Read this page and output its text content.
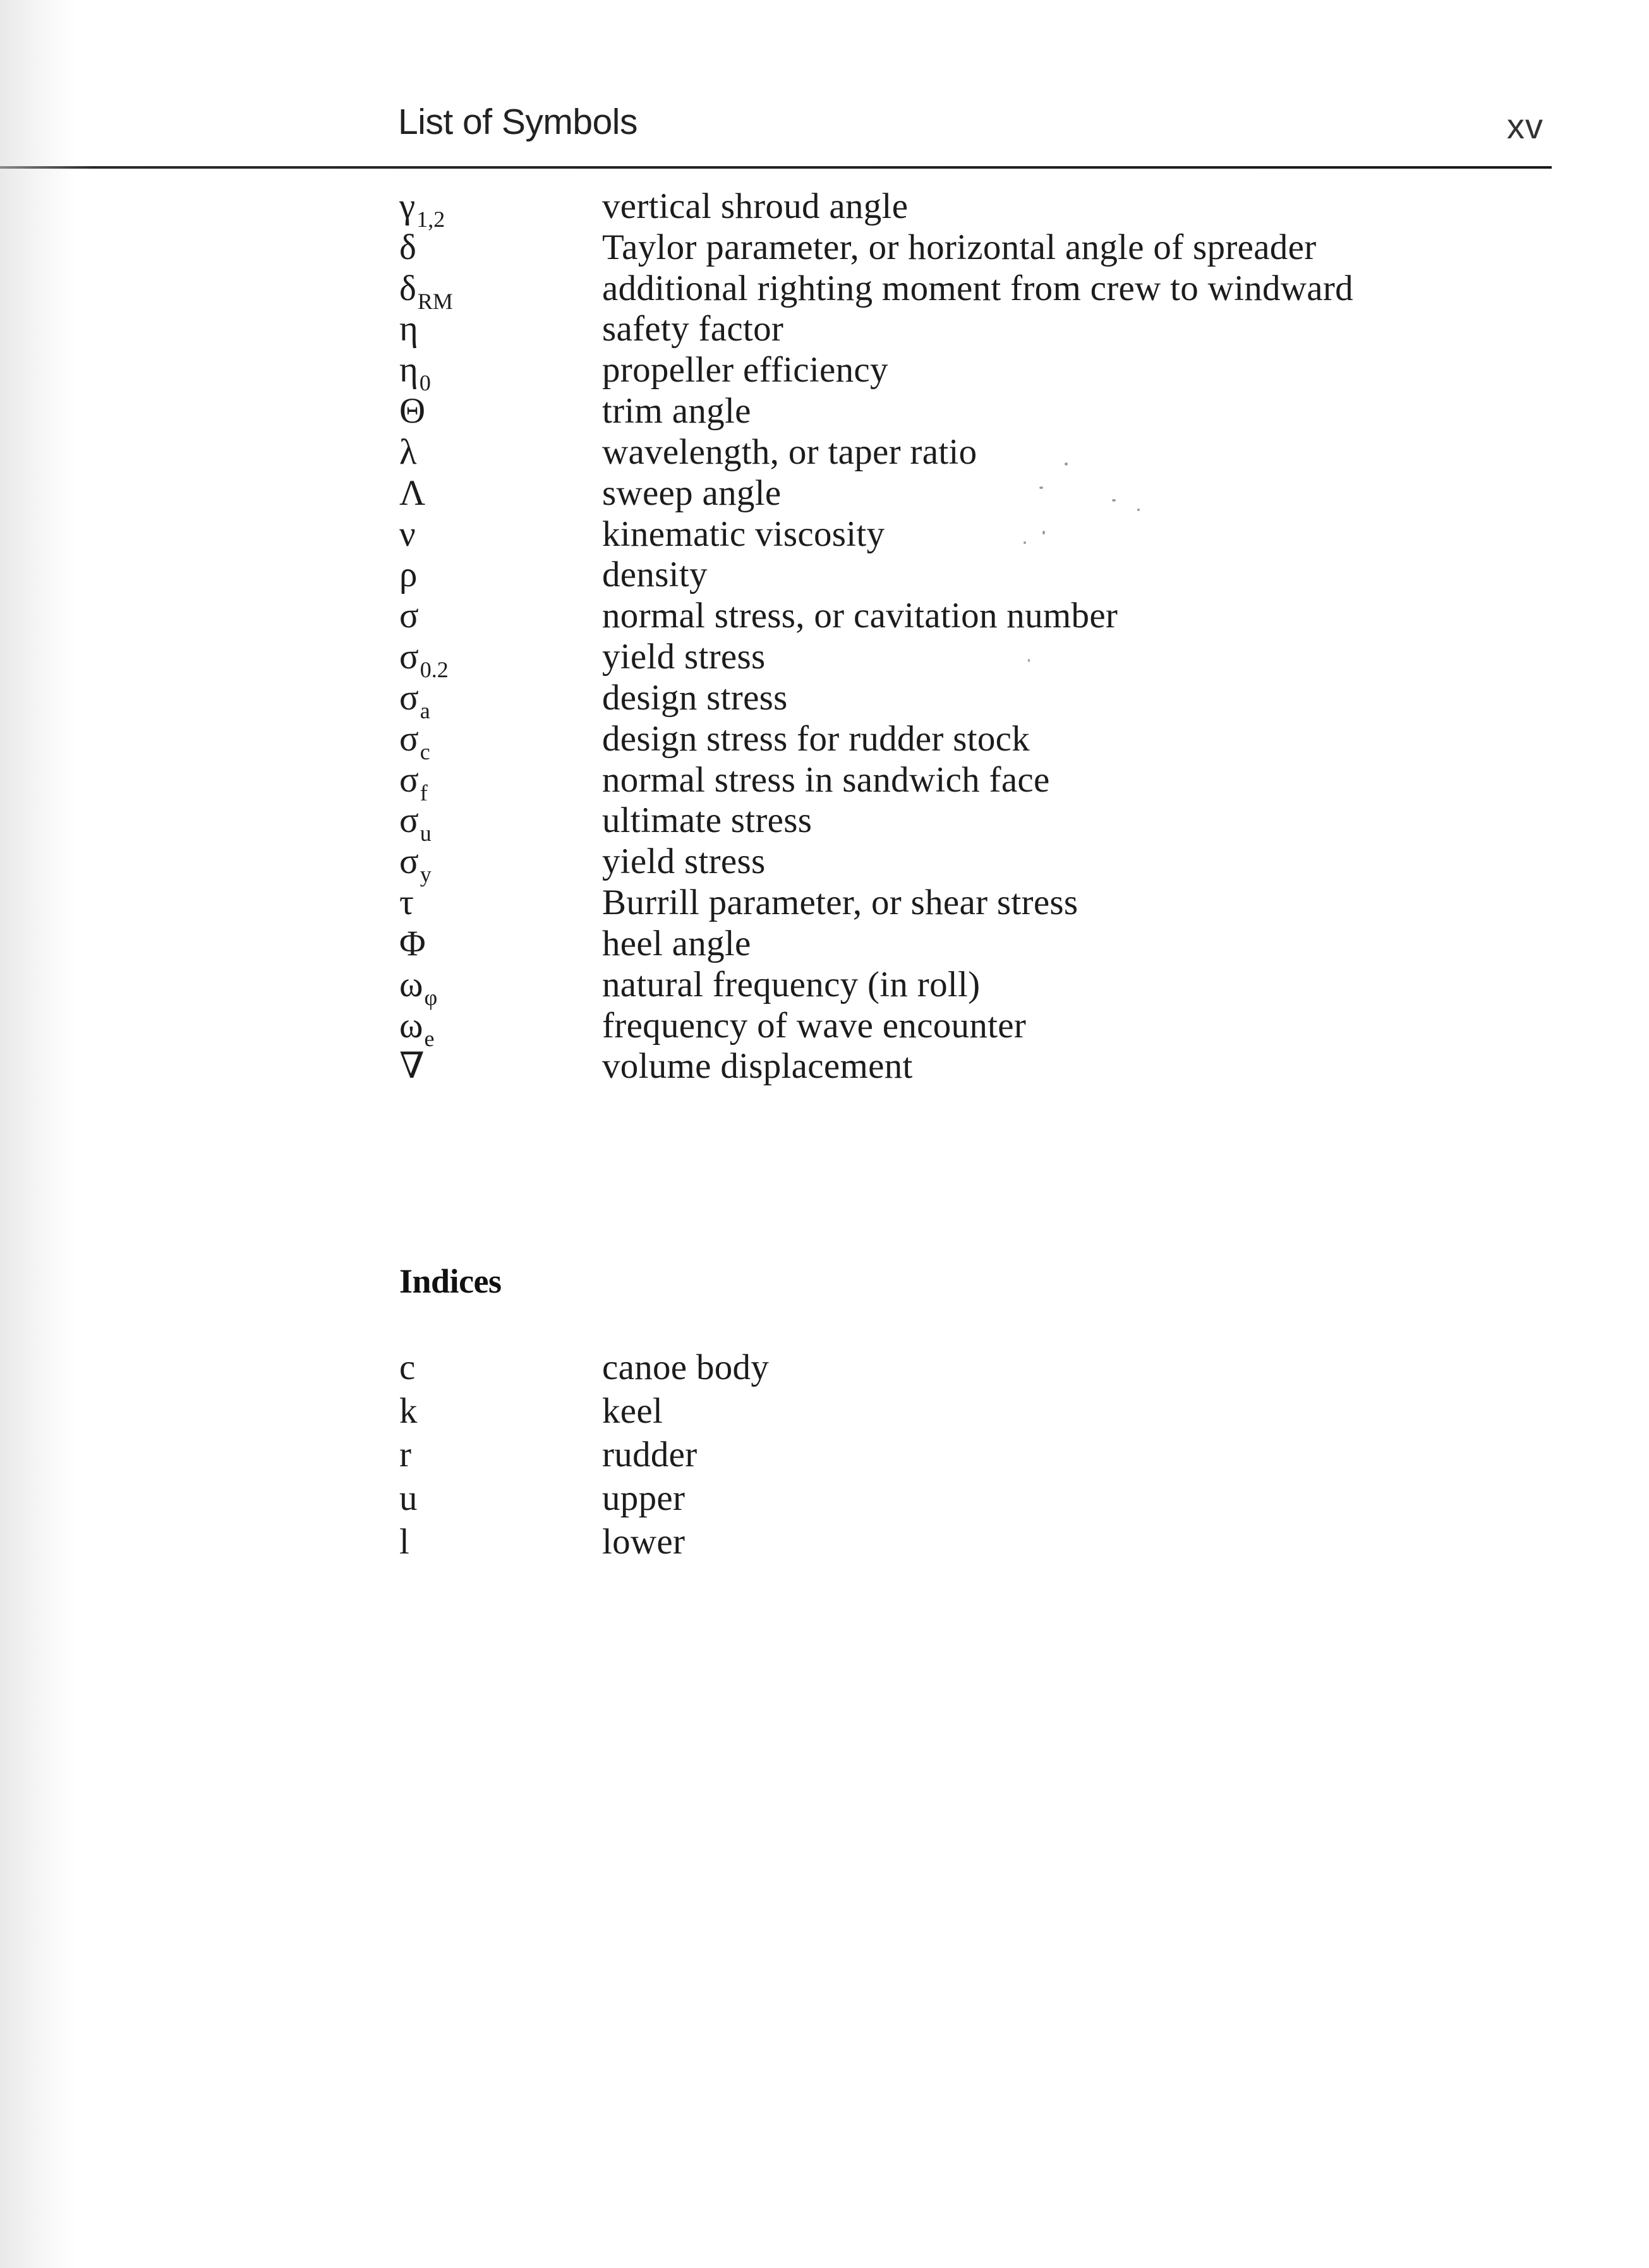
List of Symbols	xv
$\gamma_{1,2}$	vertical shroud angle
δ	Taylor parameter, or horizontal angle of spreader
$\delta_{RM}$	additional righting moment from crew to windward
η	safety factor
$\eta_0$	propeller efficiency
Θ	trim angle
λ	wavelength, or taper ratio
Λ	sweep angle
ν	kinematic viscosity
ρ	density
σ	normal stress, or cavitation number
$\sigma_{0.2}$	yield stress
$\sigma_a$	design stress
$\sigma_c$	design stress for rudder stock
$\sigma_f$	normal stress in sandwich face
$\sigma_u$	ultimate stress
$\sigma_y$	yield stress
τ	Burrill parameter, or shear stress
Φ	heel angle
$\omega_\varphi$	natural frequency (in roll)
$\omega_e$	frequency of wave encounter
∇	volume displacement
Indices
c	canoe body
k	keel
r	rudder
u	upper
l	lower
